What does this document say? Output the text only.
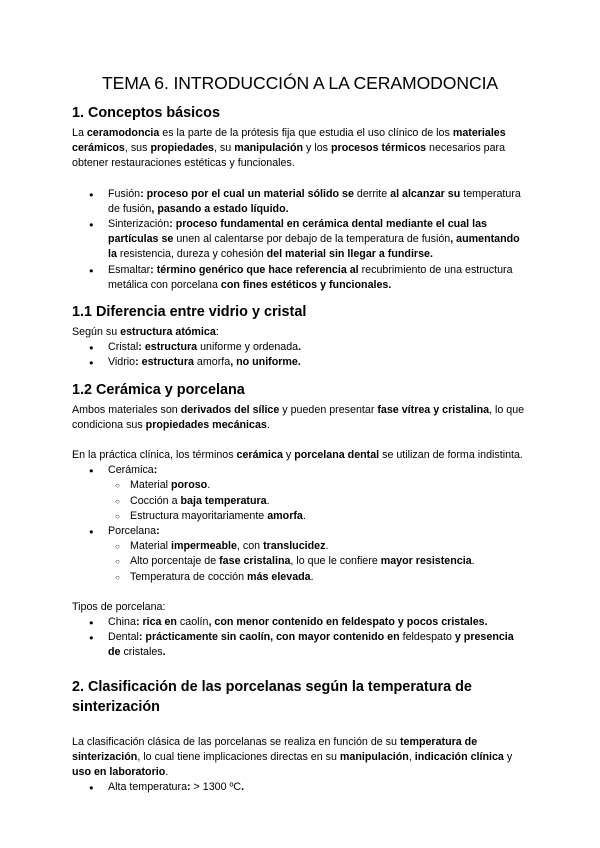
TEMA 6. INTRODUCCIÓN A LA CERAMODONCIA
1. Conceptos básicos

La ceramodoncia es la parte de la prótesis fija que estudia el uso clínico de los materiales cerámicos, sus propiedades, su manipulación y los procesos térmicos necesarios para obtener restauraciones estéticas y funcionales.

● Fusión: proceso por el cual un material sólido se derrite al alcanzar su temperatura de fusión, pasando a estado líquido.
● Sinterización: proceso fundamental en cerámica dental mediante el cual las partículas se unen al calentarse por debajo de la temperatura de fusión, aumentando la resistencia, dureza y cohesión del material sin llegar a fundirse.
● Esmaltar: término genérico que hace referencia al recubrimiento de una estructura metálica con porcelana con fines estéticos y funcionales.
1.1 Diferencia entre vidrio y cristal

Según su estructura atómica:

● Cristal: estructura uniforme y ordenada.
● Vidrio: estructura amorfa, no uniforme.
1.2 Cerámica y porcelana

Ambos materiales son derivados del sílice y pueden presentar fase vítrea y cristalina, lo que condiciona sus propiedades mecánicas.

En la práctica clínica, los términos cerámica y porcelana dental se utilizan de forma indistinta.

● Cerámica:
○ Material poroso.
○ Cocción a baja temperatura.
○ Estructura mayoritariamente amorfa.
● Porcelana:
○ Material impermeable, con translucidez.
○ Alto porcentaje de fase cristalina, lo que le confiere mayor resistencia.
○ Temperatura de cocción más elevada.

Tipos de porcelana:

● China: rica en caolín, con menor contenido en feldespato y pocos cristales.
● Dental: prácticamente sin caolín, con mayor contenido en feldespato y presencia de cristales.
2. Clasificación de las porcelanas según la temperatura de sinterización

La clasificación clásica de las porcelanas se realiza en función de su temperatura de sinterización, lo cual tiene implicaciones directas en su manipulación, indicación clínica y uso en laboratorio.

● Alta temperatura: > 1300 ºC.
